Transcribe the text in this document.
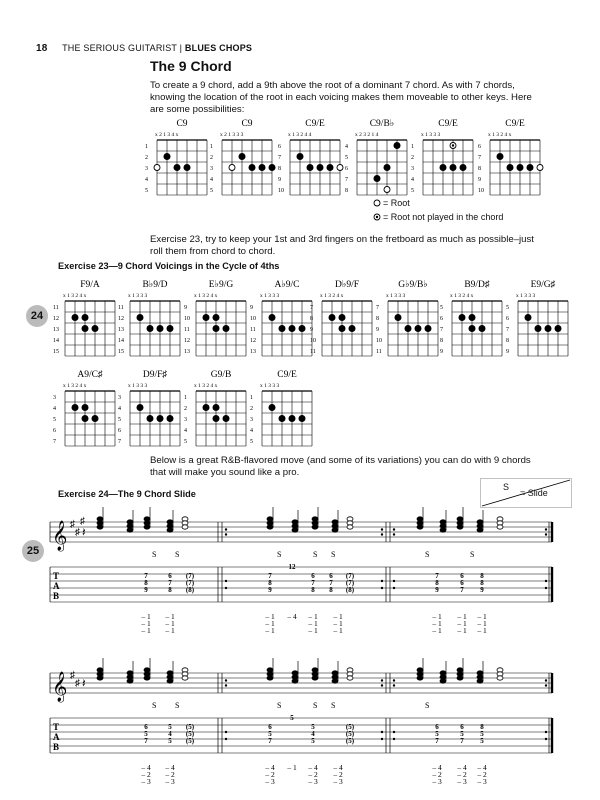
18 THE SERIOUS GUITARIST | BLUES CHOPS
The 9 Chord
To create a 9 chord, add a 9th above the root of a dominant 7 chord. As with 7 chords, knowing the location of the root in each voicing makes them moveable to other keys. Here are some possibilities:
C9
x 2 1 3 4 x
1
2
3
4
5
C9
x 2 1 3 3 3
1
2
3
4
5
C9/E
x 1 3 2 4 4
6
7
8
9
10
C9/B♭
x 2 3 2 1 4
4
5
6
7
8
C9/E
x 1 3 3 3
1
2
3
4
5
C9/E
x 1 3 2 4 x
6
7
8
9
10
F9/A
x 1 3 2 4 x
11
12
13
14
15
B♭9/D
x 1 3 3 3
11
12
13
14
15
E♭9/G
x 1 3 2 4 x
9
10
11
12
13
A♭9/C
x 1 3 3 3
9
10
11
12
13
D♭9/F
x 1 3 2 4 x
7
8
9
10
11
G♭9/B♭
x 1 3 3 3
7
8
9
10
11
B9/D♯
x 1 3 2 4 x
5
6
7
8
9
E9/G♯
x 1 3 3 3
5
6
7
8
9
A9/C♯
x 1 3 2 4 x
3
4
5
6
7
D9/F♯
x 1 3 3 3
3
4
5
6
7
G9/B
x 1 3 2 4 x
1
2
3
4
5
C9/E
x 1 3 3 3
1
2
3
4
5
= Root
= Root not played in the chord
Exercise 23, try to keep your 1st and 3rd fingers on the fretboard as much as possible–just roll them from chord to chord.
Exercise 23—9 Chord Voicings in the Cycle of 4ths
24
Below is a great R&B-flavored move (and some of its variations) you can do with 9 chords that will make you sound like a pro.
Exercise 24—The 9 Chord Slide
25
S
= Slide
𝄞 ♯
♯
♯
T
A
B
𝄽
S S	S	S S	S	S
7
8
9
6
7
8
(7)
(7)
(8)
7
8
9
12
6
7
8
6
7
8
(7)
(7)
(8)
7
8
9
6
6
7
8
8
9
– 1
– 1
– 1
– 1
– 1
– 1
– 1
– 1
– 1
– 4 – 1
– 1
– 1
– 1
– 1
– 1
– 1
– 1
– 1
– 1
– 1
– 1
– 1
– 1
– 1
𝄞 ♯
♯
T
A
B
𝄽
S S	S	S S	S
6
5
7
5
4
5
(5)
(5)
(5)
6
5
7
5
5
4
5
(5)
(5)
(5)
6
5
7
6
5
7
8
5
5
– 4
– 2
– 3
– 4
– 2
– 3
– 4
– 2
– 3
– 1 – 4
– 2
– 3
– 4
– 2
– 3
– 4
– 2
– 3
– 4
– 2
– 3
– 4
– 2
– 3
